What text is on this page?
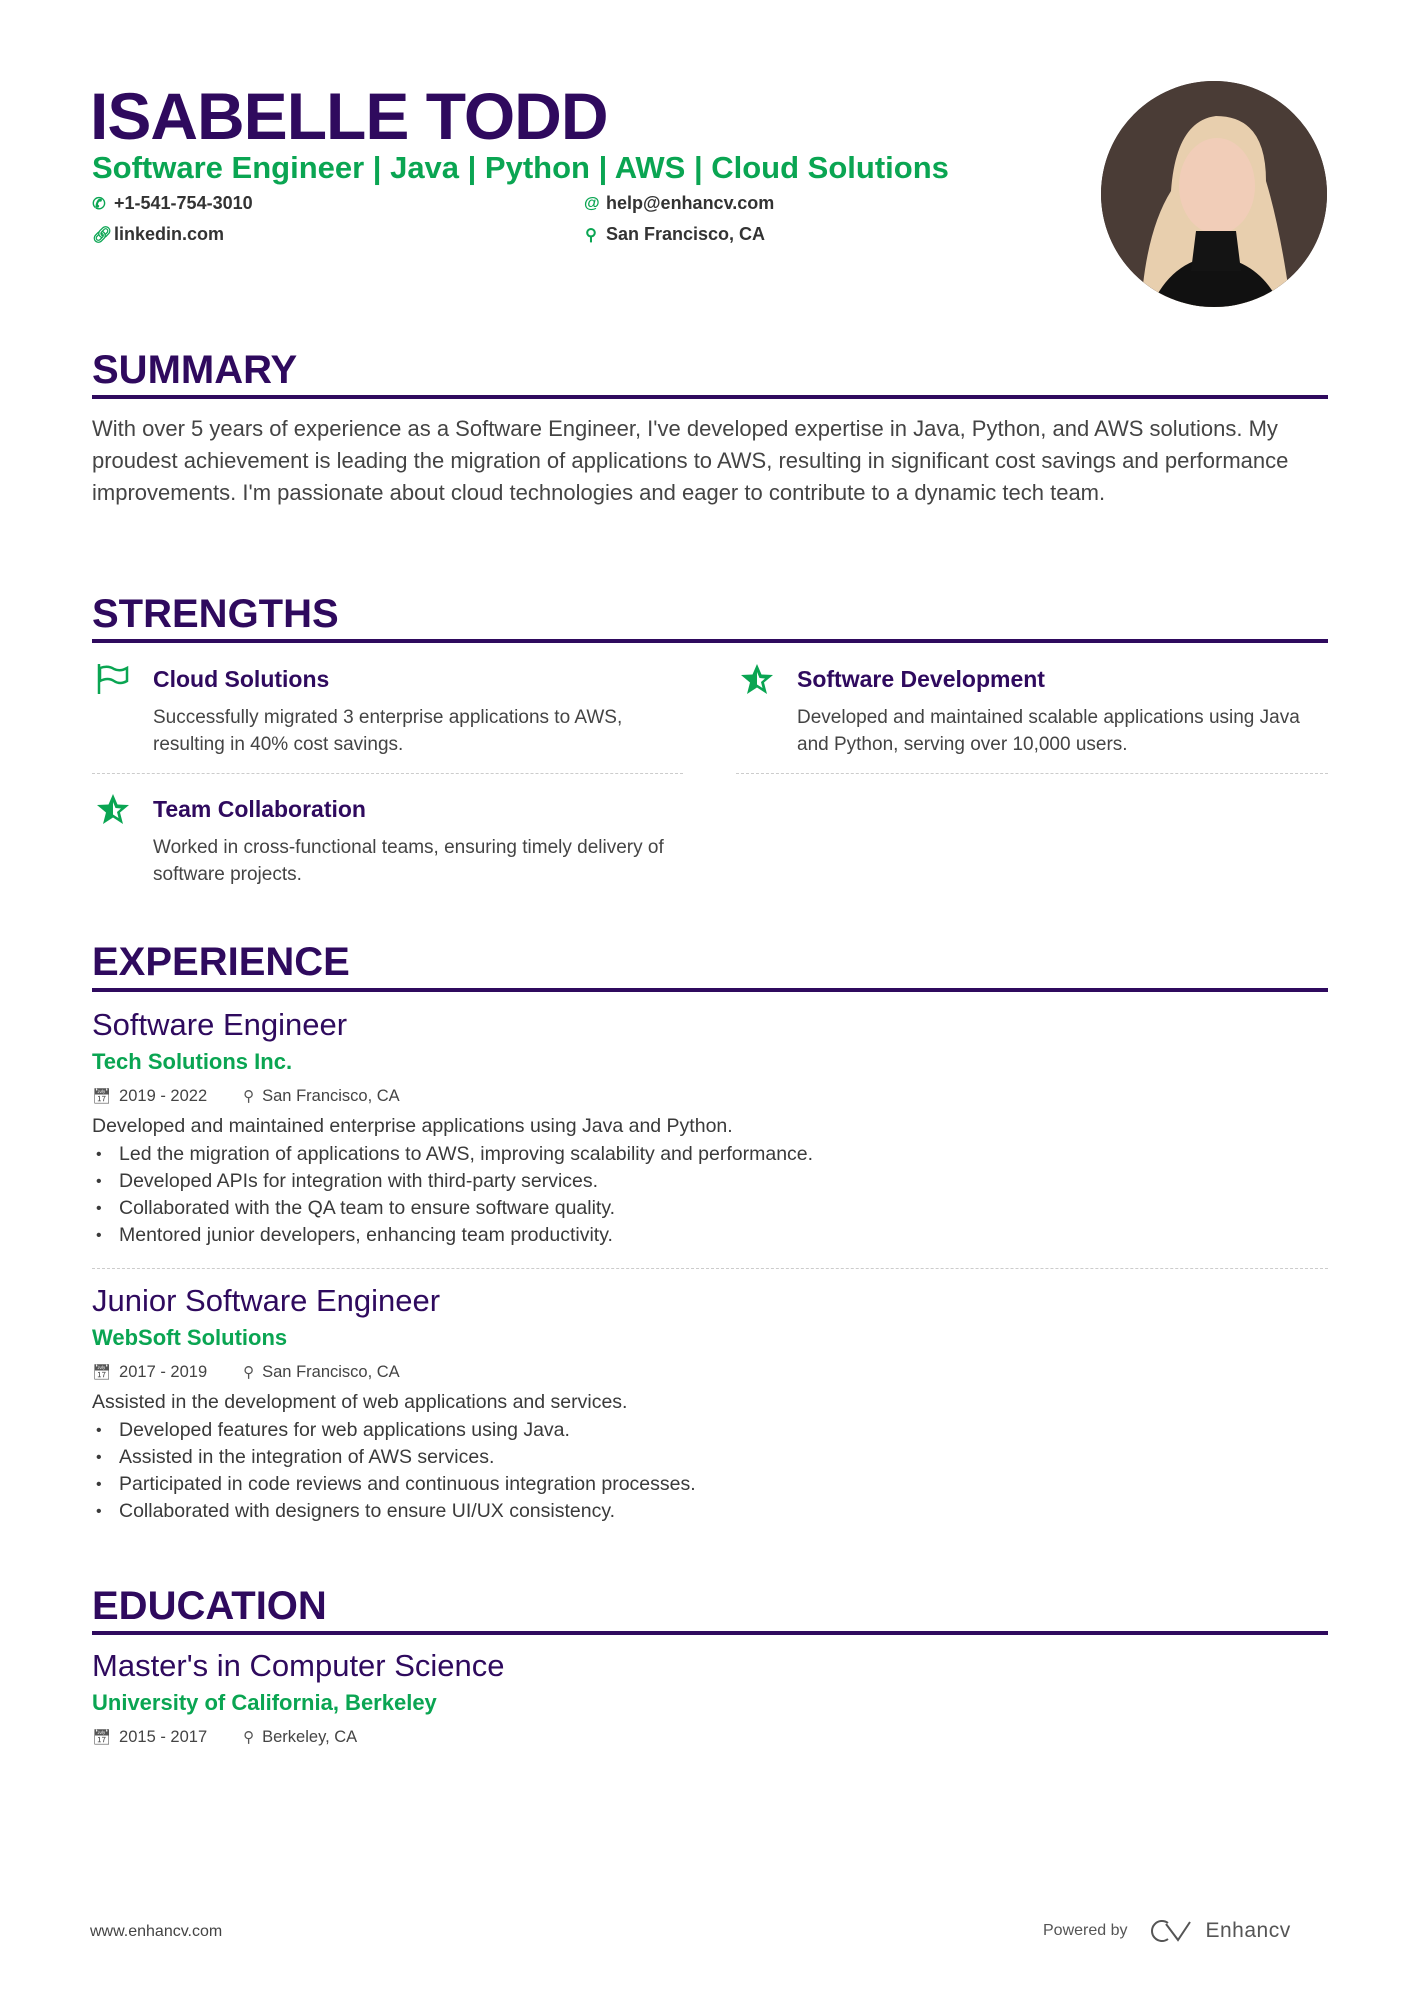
ISABELLE TODD
Software Engineer | Java | Python | AWS | Cloud Solutions
✆ +1-541-754-3010	@ help@enhancv.com
🔗︎ linkedin.com	⚲ San Francisco, CA
SUMMARY
With over 5 years of experience as a Software Engineer, I've developed expertise in Java, Python, and AWS solutions. My proudest achievement is leading the migration of applications to AWS, resulting in significant cost savings and performance improvements. I'm passionate about cloud technologies and eager to contribute to a dynamic tech team.
STRENGTHS
Cloud Solutions
Successfully migrated 3 enterprise applications to AWS, resulting in 40% cost savings.
Software Development
Developed and maintained scalable applications using Java and Python, serving over 10,000 users.
Team Collaboration
Worked in cross-functional teams, ensuring timely delivery of software projects.
EXPERIENCE
Software Engineer
Tech Solutions Inc.
📅︎ 2019 - 2022 ⚲ San Francisco, CA
Developed and maintained enterprise applications using Java and Python.
• Led the migration of applications to AWS, improving scalability and performance.
• Developed APIs for integration with third-party services.
• Collaborated with the QA team to ensure software quality.
• Mentored junior developers, enhancing team productivity.
Junior Software Engineer
WebSoft Solutions
📅︎ 2017 - 2019 ⚲ San Francisco, CA
Assisted in the development of web applications and services.
• Developed features for web applications using Java.
• Assisted in the integration of AWS services.
• Participated in code reviews and continuous integration processes.
• Collaborated with designers to ensure UI/UX consistency.
EDUCATION
Master's in Computer Science
University of California, Berkeley
📅︎ 2015 - 2017 ⚲ Berkeley, CA
www.enhancv.com	Powered by	Enhancv
